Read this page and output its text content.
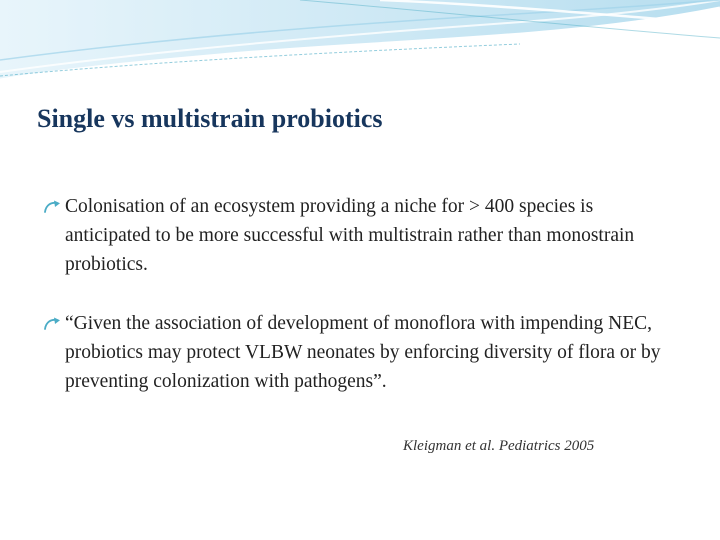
Single vs multistrain probiotics
Colonisation of an ecosystem providing a niche for > 400 species is anticipated to be more successful with multistrain rather than monostrain probiotics.
“Given the association of development of monoflora with impending NEC, probiotics may protect VLBW neonates by enforcing diversity of flora or by preventing colonization with pathogens”.
Kleigman et al. Pediatrics 2005
